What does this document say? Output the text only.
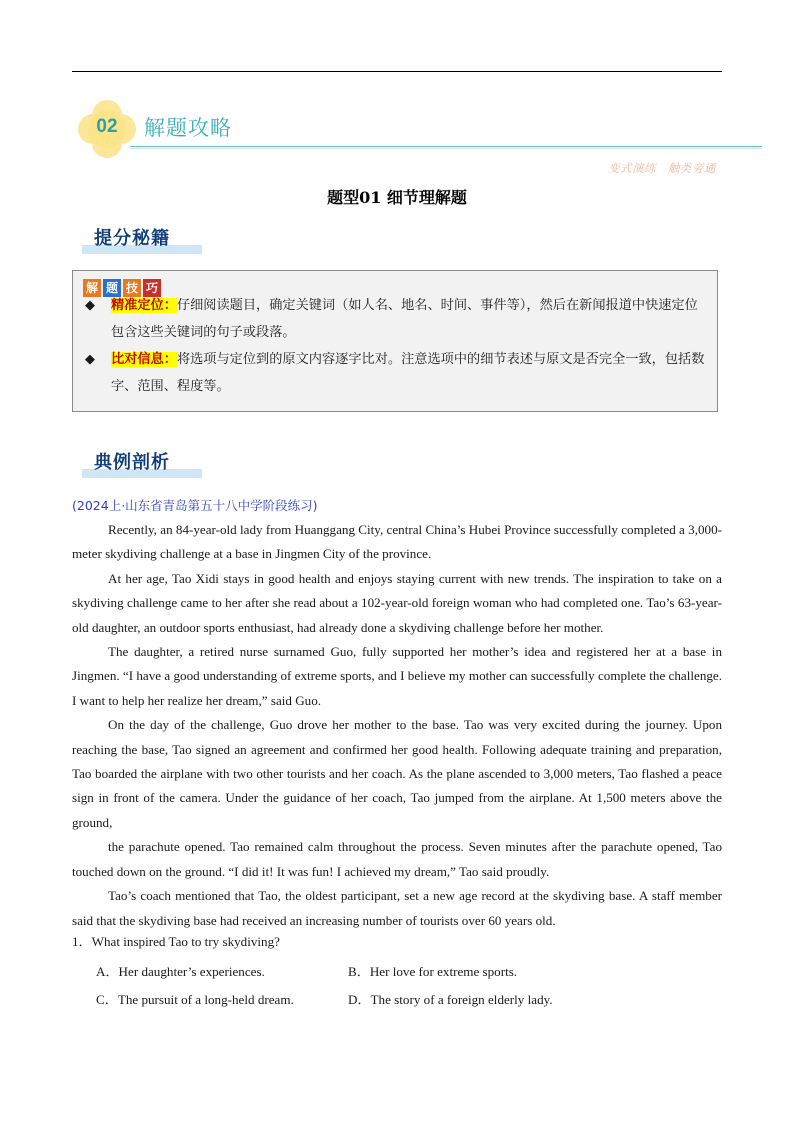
02	解题攻略
变式演练　触类旁通
题型01 细节理解题
提分秘籍
解 题 技 巧
◆ 精准定位：仔细阅读题目，确定关键词（如人名、地名、时间、事件等），然后在新闻报道中快速定位包含这些关键词的句子或段落。
◆ 比对信息：将选项与定位到的原文内容逐字比对。注意选项中的细节表述与原文是否完全一致，包括数字、范围、程度等。
典例剖析
(2024上·山东省青岛第五十八中学阶段练习)

Recently, an 84-year-old lady from Huanggang City, central China’s Hubei Province successfully completed a 3,000-meter skydiving challenge at a base in Jingmen City of the province.

At her age, Tao Xidi stays in good health and enjoys staying current with new trends. The inspiration to take on a skydiving challenge came to her after she read about a 102-year-old foreign woman who had completed one. Tao’s 63-year-old daughter, an outdoor sports enthusiast, had already done a skydiving challenge before her mother.

The daughter, a retired nurse surnamed Guo, fully supported her mother’s idea and registered her at a base in Jingmen. “I have a good understanding of extreme sports, and I believe my mother can successfully complete the challenge. I want to help her realize her dream,” said Guo.

On the day of the challenge, Guo drove her mother to the base. Tao was very excited during the journey. Upon reaching the base, Tao signed an agreement and confirmed her good health. Following adequate training and preparation, Tao boarded the airplane with two other tourists and her coach. As the plane ascended to 3,000 meters, Tao flashed a peace sign in front of the camera. Under the guidance of her coach, Tao jumped from the airplane. At 1,500 meters above the ground,

the parachute opened. Tao remained calm throughout the process. Seven minutes after the parachute opened, Tao touched down on the ground. “I did it! It was fun! I achieved my dream,” Tao said proudly.

Tao’s coach mentioned that Tao, the oldest participant, set a new age record at the skydiving base. A staff member said that the skydiving base had received an increasing number of tourists over 60 years old.

1．What inspired Tao to try skydiving?
A．Her daughter’s experiences.	B．Her love for extreme sports.
C．The pursuit of a long-held dream.	D．The story of a foreign elderly lady.
